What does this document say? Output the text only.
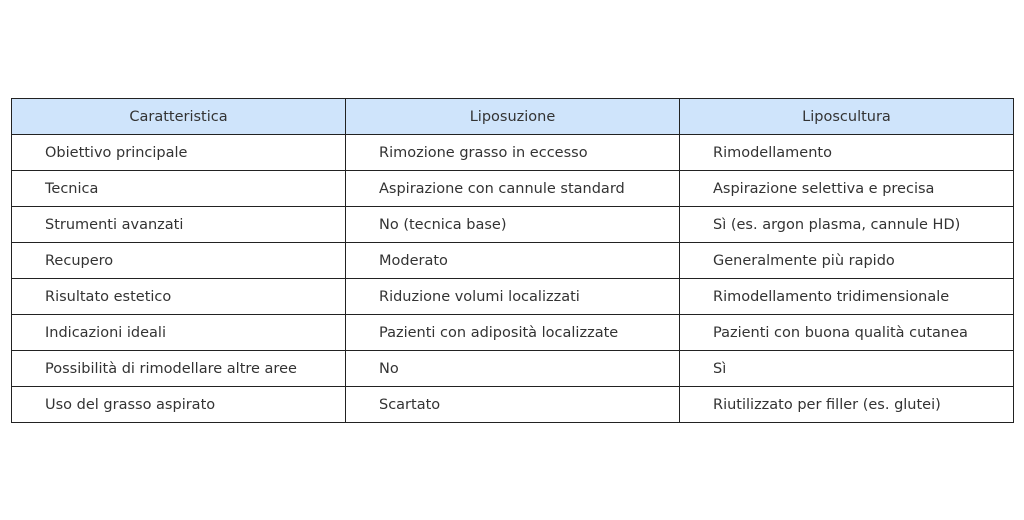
Caratteristica	Liposuzione	Liposcultura
Obiettivo principale	Rimozione grasso in eccesso	Rimodellamento
Tecnica	Aspirazione con cannule standard	Aspirazione selettiva e precisa
Strumenti avanzati	No (tecnica base)	Sì (es. argon plasma, cannule HD)
Recupero	Moderato	Generalmente più rapido
Risultato estetico	Riduzione volumi localizzati	Rimodellamento tridimensionale
Indicazioni ideali	Pazienti con adiposità localizzate	Pazienti con buona qualità cutanea
Possibilità di rimodellare altre aree	No	Sì
Uso del grasso aspirato	Scartato	Riutilizzato per filler (es. glutei)
